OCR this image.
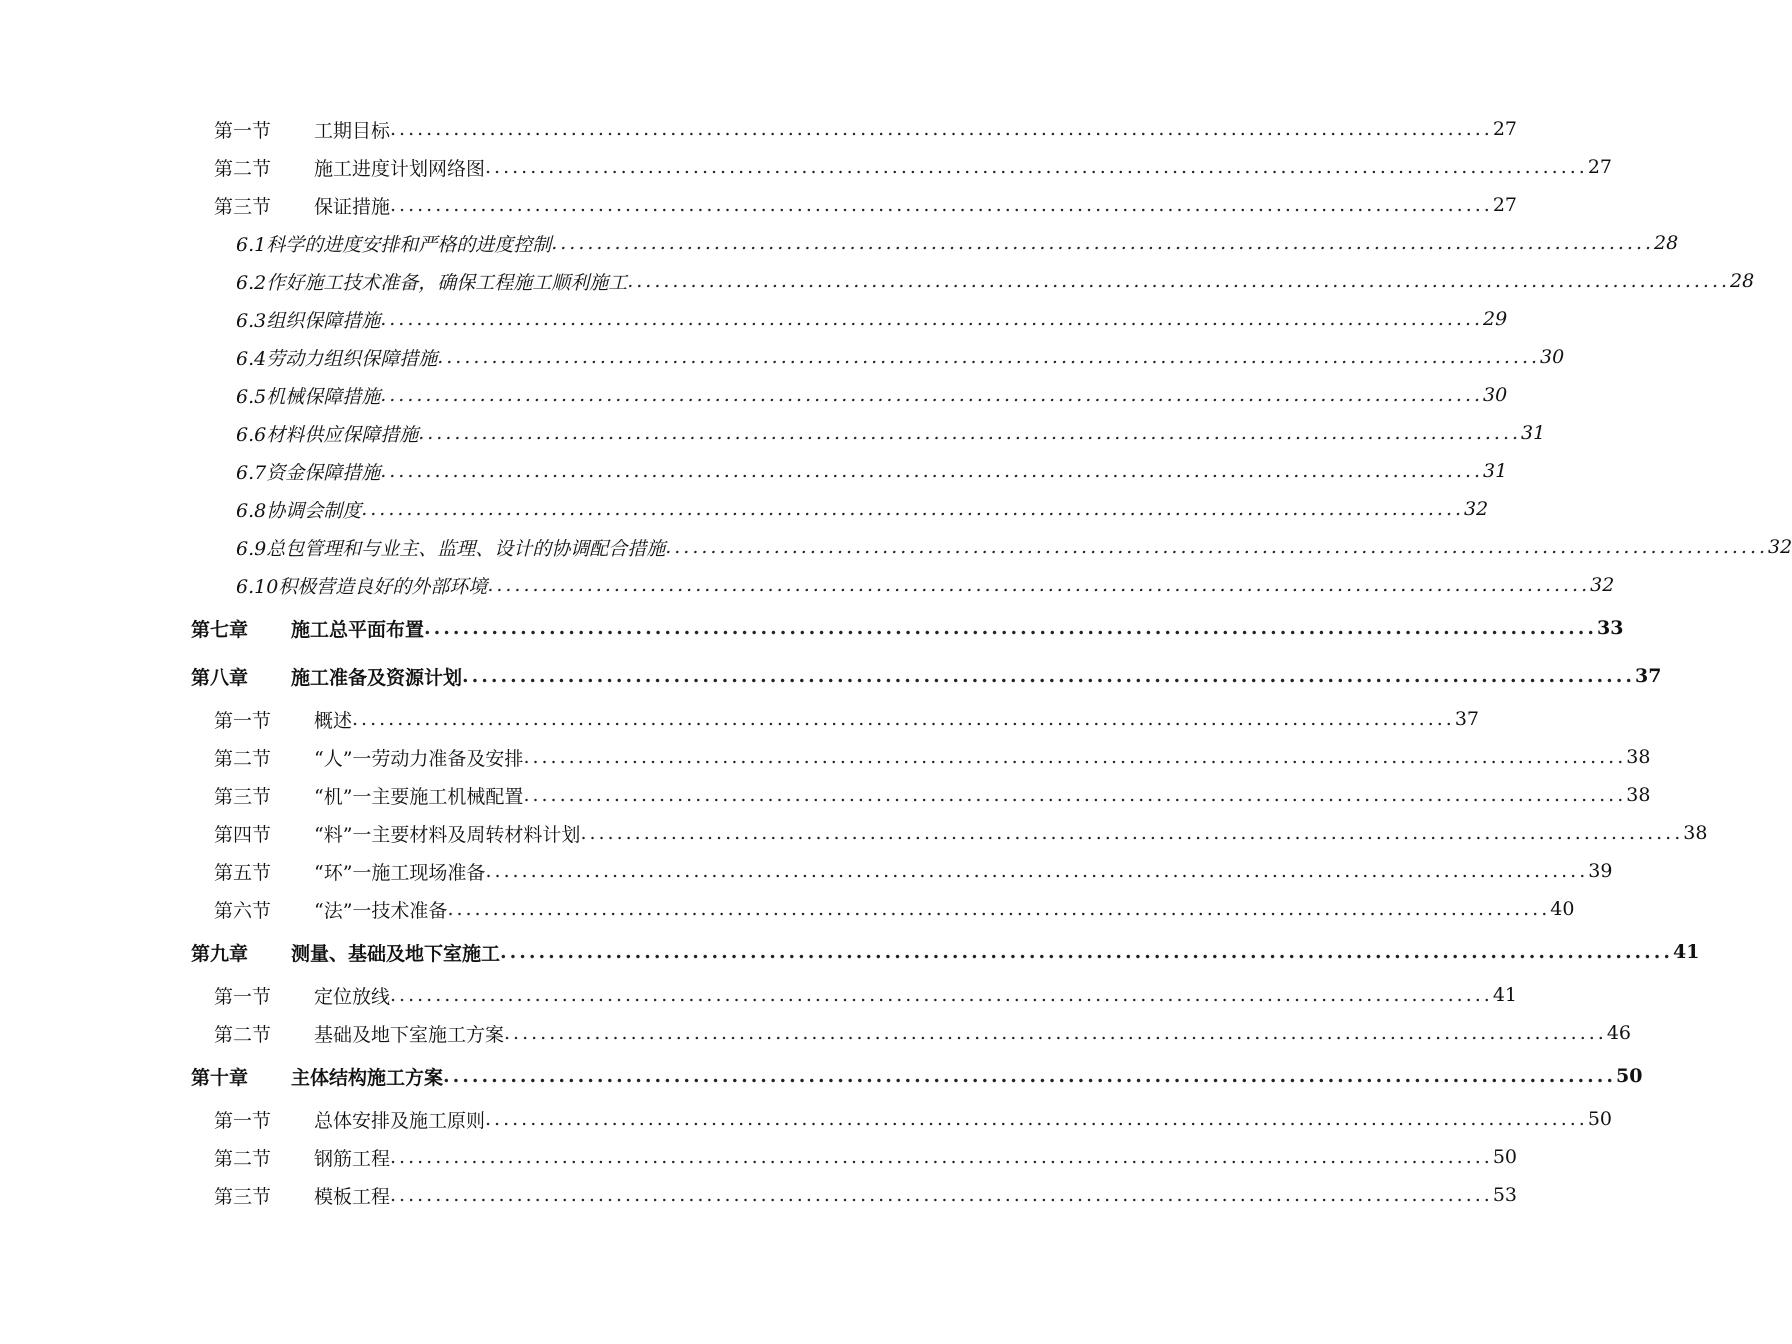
第一节	工期目标 .......................................................................................................................... 27
第二节	施工进度计划网络图 .......................................................................................................................... 27
第三节	保证措施 .......................................................................................................................... 27
6.1科学的进度安排和严格的进度控制 .......................................................................................................................... 28
6.2作好施工技术准备，确保工程施工顺利施工 .......................................................................................................................... 28
6.3组织保障措施 .......................................................................................................................... 29
6.4劳动力组织保障措施 .......................................................................................................................... 30
6.5机械保障措施 .......................................................................................................................... 30
6.6材料供应保障措施 .......................................................................................................................... 31
6.7资金保障措施 .......................................................................................................................... 31
6.8协调会制度 .......................................................................................................................... 32
6.9总包管理和与业主、监理、设计的协调配合措施 .......................................................................................................................... 32
6.10积极营造良好的外部环境 .......................................................................................................................... 32
第七章	施工总平面布置 .......................................................................................................................... 33
第八章	施工准备及资源计划 .......................................................................................................................... 37
第一节	概述 .......................................................................................................................... 37
第二节	“人”一劳动力准备及安排 .......................................................................................................................... 38
第三节	“机”一主要施工机械配置 .......................................................................................................................... 38
第四节	“料”一主要材料及周转材料计划 .......................................................................................................................... 38
第五节	“环”一施工现场准备 .......................................................................................................................... 39
第六节	“法”一技术准备 .......................................................................................................................... 40
第九章	测量、基础及地下室施工 .......................................................................................................................... 41
第一节	定位放线 .......................................................................................................................... 41
第二节	基础及地下室施工方案 .......................................................................................................................... 46
第十章	主体结构施工方案 .......................................................................................................................... 50
第一节	总体安排及施工原则 .......................................................................................................................... 50
第二节	钢筋工程 .......................................................................................................................... 50
第三节	模板工程 .......................................................................................................................... 53
